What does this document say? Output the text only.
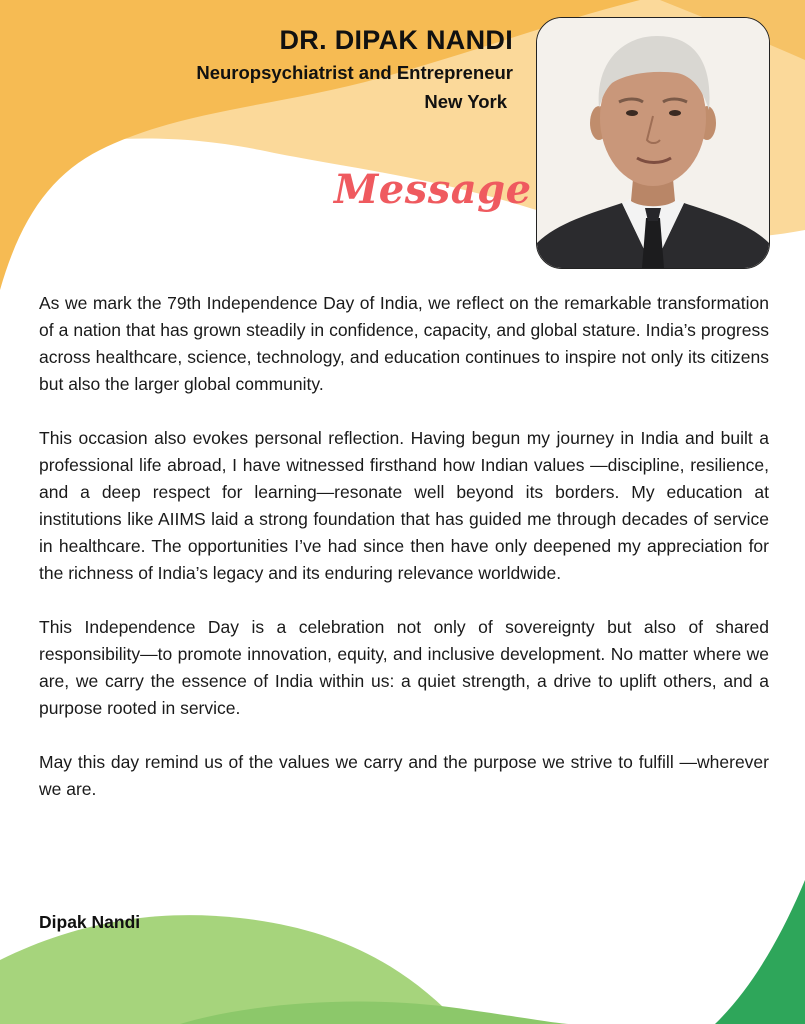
DR. DIPAK NANDI
Neuropsychiatrist and Entrepreneur
New York
Message

As we mark the 79th Independence Day of India, we reflect on the remarkable transformation of a nation that has grown steadily in confidence, capacity, and global stature. India’s progress across healthcare, science, technology, and education continues to inspire not only its citizens but also the larger global community.

This occasion also evokes personal reflection. Having begun my journey in India and built a professional life abroad, I have witnessed firsthand how Indian values —discipline, resilience, and a deep respect for learning—resonate well beyond its borders. My education at institutions like AIIMS laid a strong foundation that has guided me through decades of service in healthcare. The opportunities I’ve had since then have only deepened my appreciation for the richness of India’s legacy and its enduring relevance worldwide.

This Independence Day is a celebration not only of sovereignty but also of shared responsibility—to promote innovation, equity, and inclusive development. No matter where we are, we carry the essence of India within us: a quiet strength, a drive to uplift others, and a purpose rooted in service.

May this day remind us of the values we carry and the purpose we strive to fulfill —wherever we are.

Dipak Nandi
